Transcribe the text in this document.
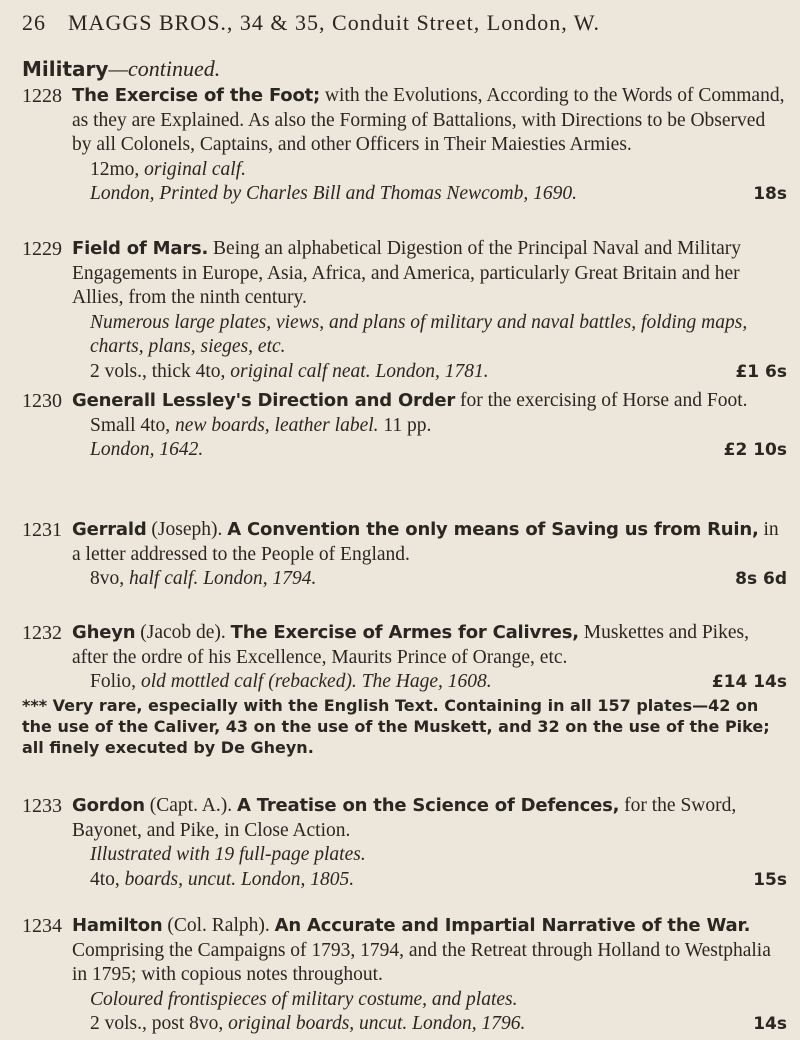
26 MAGGS BROS., 34 & 35, Conduit Street, London, W.
Military—continued.
1228 The Exercise of the Foot; with the Evolutions, According to the Words of Command, as they are Explained. As also the Forming of Battalions, with Directions to be Observed by all Colonels, Captains, and other Officers in Their Maiesties Armies.
12mo, original calf.
London, Printed by Charles Bill and Thomas Newcomb, 1690.	18s
1229 Field of Mars. Being an alphabetical Digestion of the Principal Naval and Military Engagements in Europe, Asia, Africa, and America, particularly Great Britain and her Allies, from the ninth century.
Numerous large plates, views, and plans of military and naval battles, folding maps, charts, plans, sieges, etc.
2 vols., thick 4to, original calf neat. London, 1781.	£1 6s
1230 Generall Lessley's Direction and Order for the exercising of Horse and Foot.
Small 4to, new boards, leather label. 11 pp.
London, 1642.	£2 10s
1231 Gerrald (Joseph). A Convention the only means of Saving us from Ruin, in a letter addressed to the People of England.
8vo, half calf. London, 1794.	8s 6d
1232 Gheyn (Jacob de). The Exercise of Armes for Calivres, Muskettes and Pikes, after the ordre of his Excellence, Maurits Prince of Orange, etc.
Folio, old mottled calf (rebacked). The Hage, 1608.	£14 14s
*** Very rare, especially with the English Text. Containing in all 157 plates—42 on the use of the Caliver, 43 on the use of the Muskett, and 32 on the use of the Pike; all finely executed by De Gheyn.
1233 Gordon (Capt. A.). A Treatise on the Science of Defences, for the Sword, Bayonet, and Pike, in Close Action.
Illustrated with 19 full-page plates.
4to, boards, uncut. London, 1805.	15s
1234 Hamilton (Col. Ralph). An Accurate and Impartial Narrative of the War. Comprising the Campaigns of 1793, 1794, and the Retreat through Holland to Westphalia in 1795; with copious notes throughout.
Coloured frontispieces of military costume, and plates.
2 vols., post 8vo, original boards, uncut. London, 1796.	14s
